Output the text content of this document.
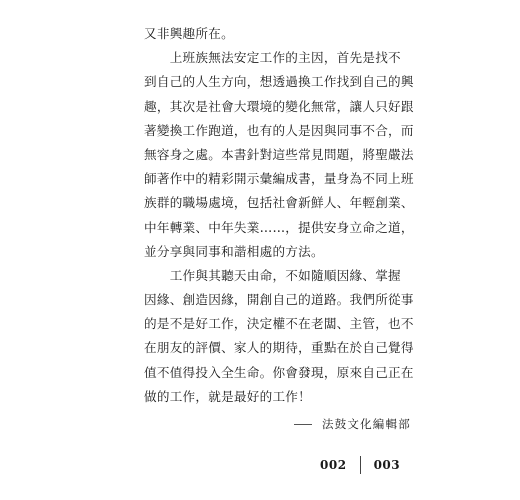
又非興趣所在。
　　上班族無法安定工作的主因，首先是找不
到自己的人生方向，想透過換工作找到自己的興
趣，其次是社會大環境的變化無常，讓人只好跟
著變換工作跑道，也有的人是因與同事不合，而
無容身之處。本書針對這些常見問題，將聖嚴法
師著作中的精彩開示彙編成書，量身為不同上班
族群的職場處境，包括社會新鮮人、年輕創業、
中年轉業、中年失業……，提供安身立命之道，
並分享與同事和諧相處的方法。
　　工作與其聽天由命，不如隨順因緣、掌握
因緣、創造因緣，開創自己的道路。我們所從事
的是不是好工作，決定權不在老闆、主管，也不
在朋友的評價、家人的期待，重點在於自己覺得
值不值得投入全生命。你會發現，原來自己正在
做的工作，就是最好的工作！
法鼓文化編輯部
002 003
